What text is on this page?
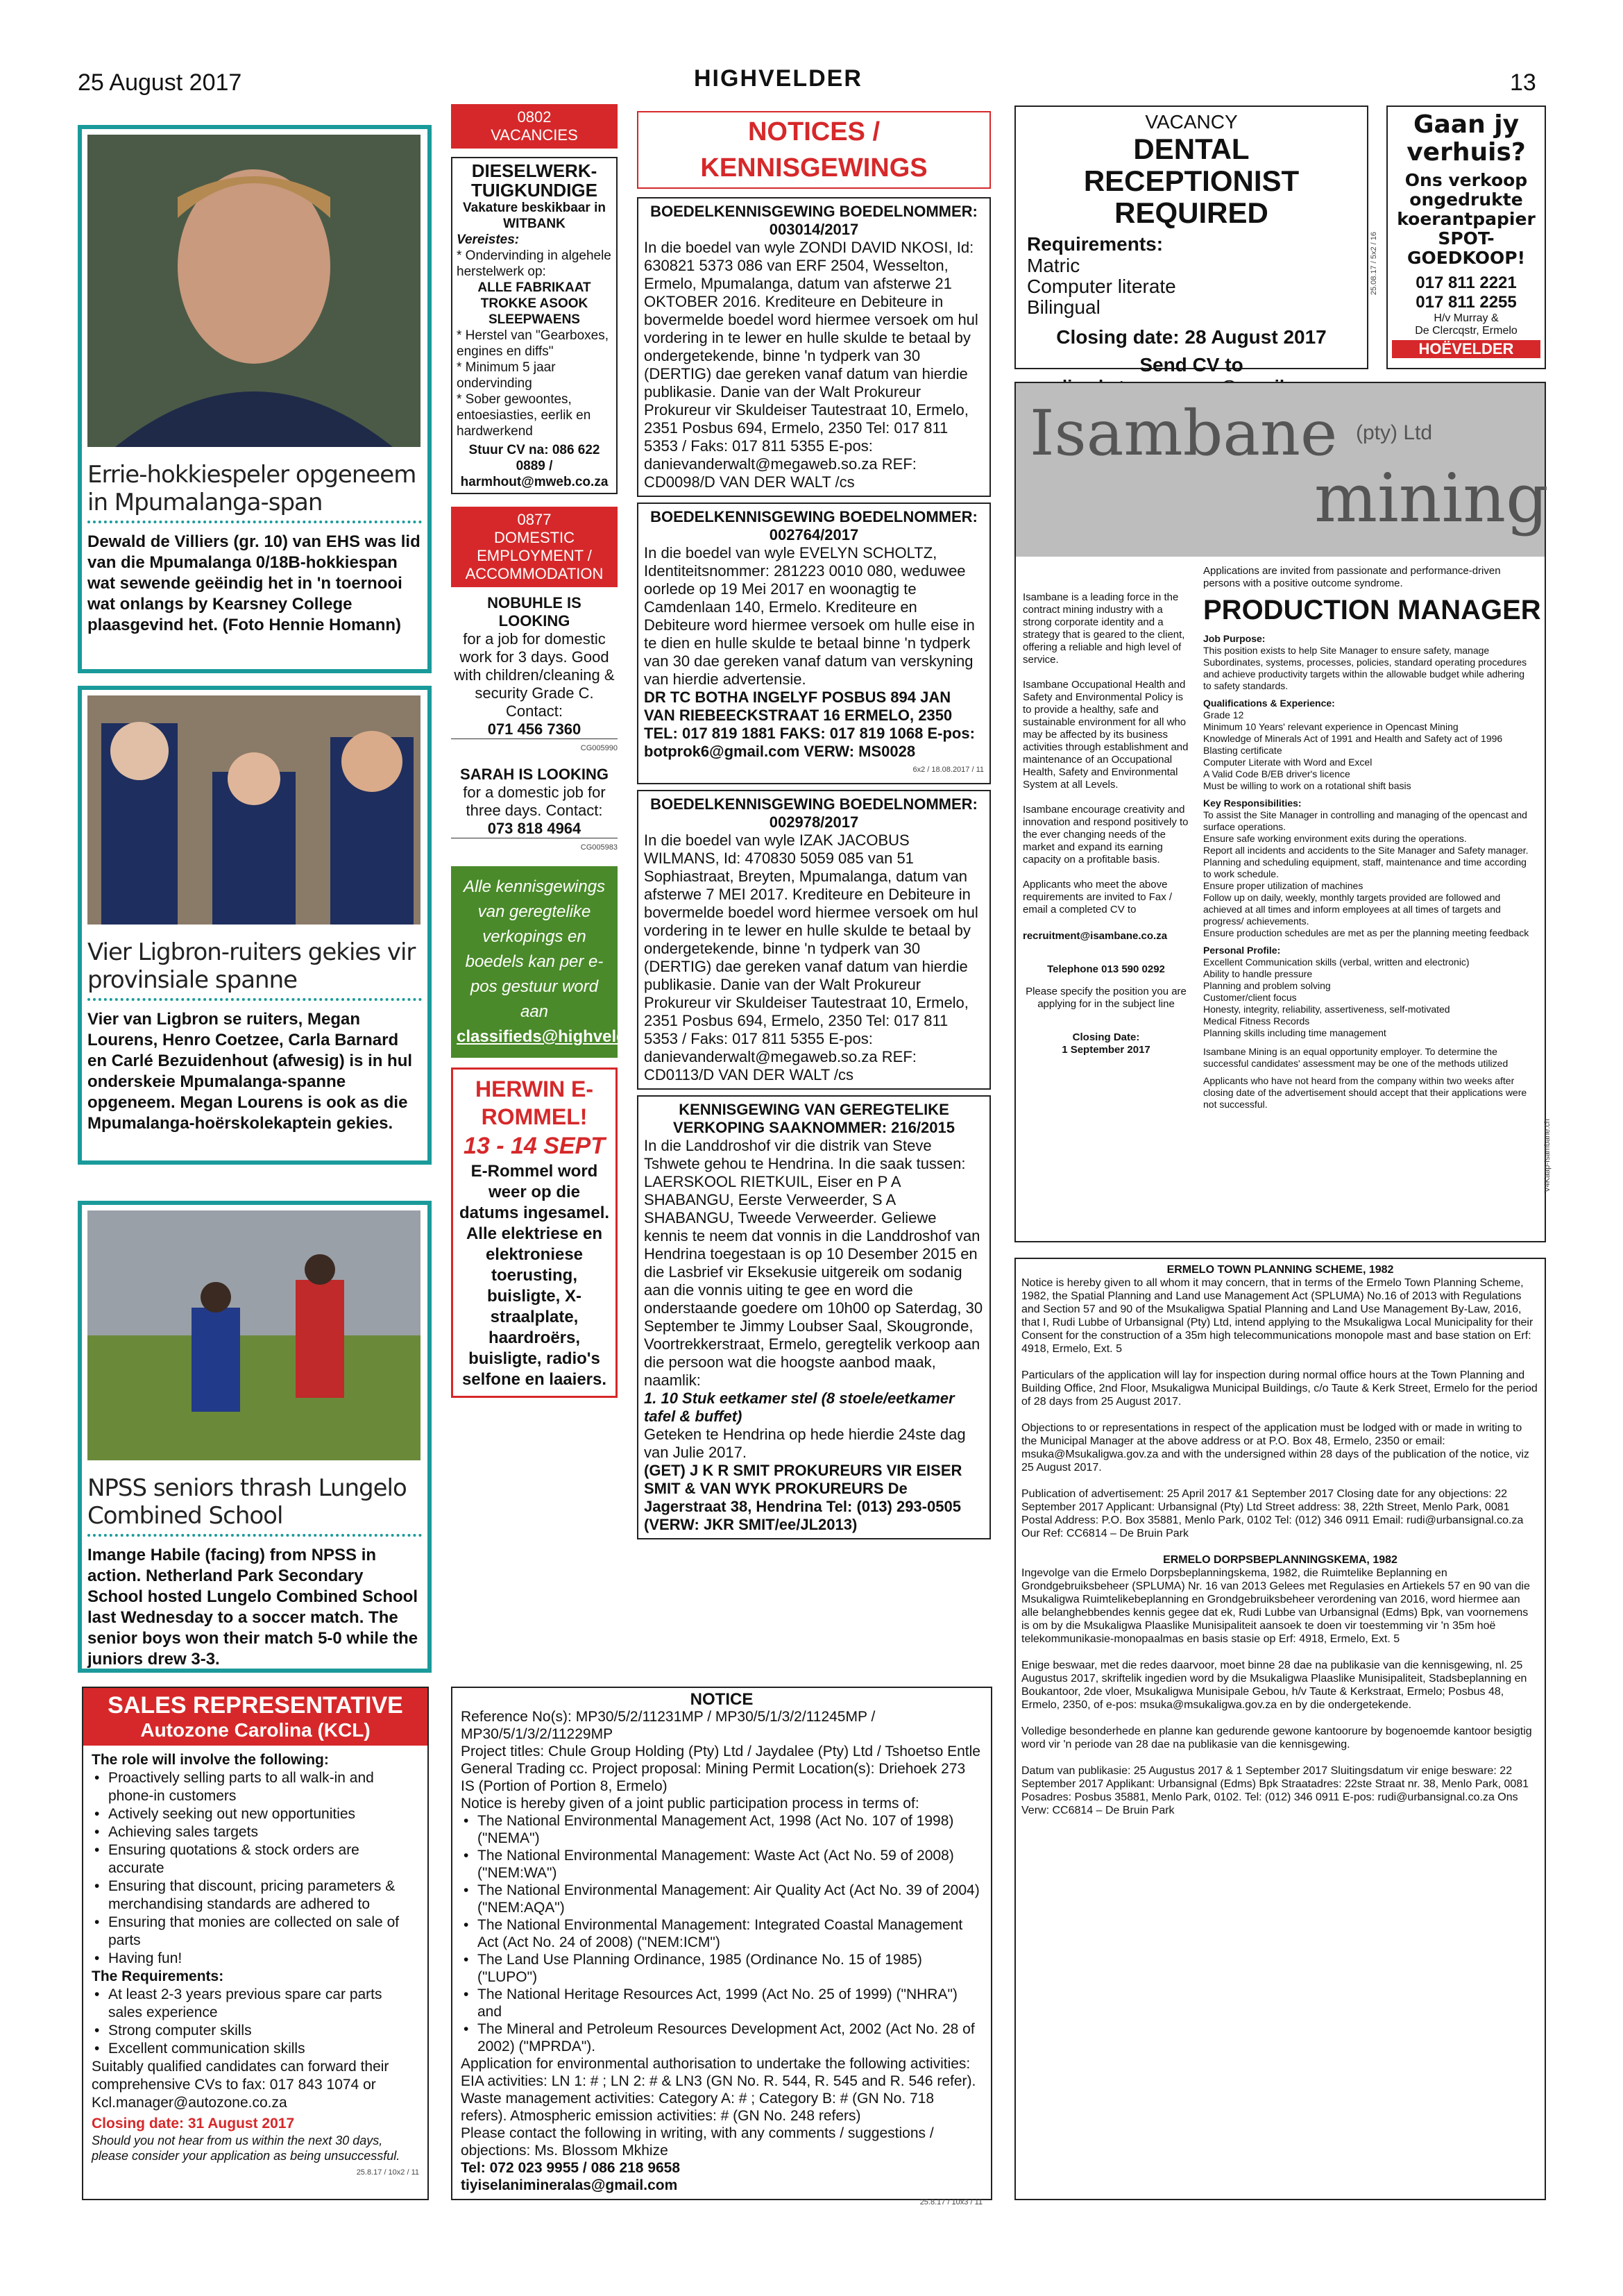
25 August 2017	HIGHVELDER	13
Errie-hokkiespeler opgeneem in Mpumalanga-span
Dewald de Villiers (gr. 10) van EHS was lid van die Mpumalanga 0/18B-hokkiespan wat sewende geëindig het in 'n toernooi wat onlangs by Kearsney College plaasgevind het. (Foto Hennie Homann)
Vier Ligbron-ruiters gekies vir provinsiale spanne
Vier van Ligbron se ruiters, Megan Lourens, Henro Coetzee, Carla Barnard en Carlé Bezuidenhout (afwesig) is in hul onderskeie Mpumalanga-spanne opgeneem. Megan Lourens is ook as die Mpumalanga-hoërskolekaptein gekies.
NPSS seniors thrash Lungelo Combined School
Imange Habile (facing) from NPSS in action. Netherland Park Secondary School hosted Lungelo Combined School last Wednesday to a soccer match. The senior boys won their match 5-0 while the juniors drew 3-3.
SALES REPRESENTATIVE
Autozone Carolina (KCL)
The role will involve the following:
• Proactively selling parts to all walk-in and phone-in customers
• Actively seeking out new opportunities
• Achieving sales targets
• Ensuring quotations & stock orders are accurate
• Ensuring that discount, pricing parameters & merchandising standards are adhered to
• Ensuring that monies are collected on sale of parts
• Having fun!
The Requirements:
• At least 2-3 years previous spare car parts sales experience
• Strong computer skills
• Excellent communication skills
Suitably qualified candidates can forward their comprehensive CVs to fax: 017 843 1074 or Kcl.manager@autozone.co.za
Closing date: 31 August 2017
Should you not hear from us within the next 30 days, please consider your application as being unsuccessful.
25.8.17 / 10x2 / 11
0802
VACANCIES
DIESELWERK-TUIGKUNDIGE
Vakature beskikbaar in WITBANK
Vereistes:
* Ondervinding in algehele herstelwerk op:
ALLE FABRIKAAT TROKKE ASOOK SLEEPWAENS
* Herstel van "Gearboxes, engines en diffs"
* Minimum 5 jaar ondervinding
* Sober gewoontes, entoesiasties, eerlik en hardwerkend
Stuur CV na: 086 622 0889 / harmhout@mweb.co.za
0877
DOMESTIC EMPLOYMENT / ACCOMMODATION
NOBUHLE IS LOOKING
for a job for domestic work for 3 days. Good with children/cleaning & security Grade C. Contact:
071 456 7360
CG005990
SARAH IS LOOKING
for a domestic job for three days. Contact:
073 818 4964
CG005983
Alle kennisgewings van geregtelike verkopings en boedels kan per e-pos gestuur word aan
classifieds@highvelder.co.za
HERWIN E-ROMMEL!
13 - 14 SEPT
E-Rommel word weer op die datums ingesamel. Alle elektriese en elektroniese toerusting, buisligte, X-straalplate, haardroërs, buisligte, radio's selfone en laaiers.
NOTICES / KENNISGEWINGS
BOEDELKENNISGEWING BOEDELNOMMER: 003014/2017
In die boedel van wyle ZONDI DAVID NKOSI, Id: 630821 5373 086 van ERF 2504, Wesselton, Ermelo, Mpumalanga, datum van afsterwe 21 OKTOBER 2016. Krediteure en Debiteure in bovermelde boedel word hiermee versoek om hul vordering in te lewer en hulle skulde te betaal by ondergetekende, binne 'n tydperk van 30 (DERTIG) dae gereken vanaf datum van hierdie publikasie. Danie van der Walt Prokureur Prokureur vir Skuldeiser Tautestraat 10, Ermelo, 2351 Posbus 694, Ermelo, 2350 Tel: 017 811 5353 / Faks: 017 811 5355 E-pos: danievanderwalt@megaweb.so.za REF: CD0098/D VAN DER WALT /cs
BOEDELKENNISGEWING BOEDELNOMMER: 002764/2017
In die boedel van wyle EVELYN SCHOLTZ, Identiteitsnommer: 281223 0010 080, weduwee oorlede op 19 Mei 2017 en woonagtig te Camdenlaan 140, Ermelo. Krediteure en Debiteure word hiermee versoek om hulle eise in te dien en hulle skulde te betaal binne 'n tydperk van 30 dae gereken vanaf datum van verskyning van hierdie advertensie.
DR TC BOTHA INGELYF POSBUS 894 JAN VAN RIEBEECKSTRAAT 16 ERMELO, 2350 TEL: 017 819 1881 FAKS: 017 819 1068 E-pos: botprok6@gmail.com VERW: MS0028
6x2 / 18.08.2017 / 11
BOEDELKENNISGEWING BOEDELNOMMER: 002978/2017
In die boedel van wyle IZAK JACOBUS WILMANS, Id: 470830 5059 085 van 51 Sophiastraat, Breyten, Mpumalanga, datum van afsterwe 7 MEI 2017. Krediteure en Debiteure in bovermelde boedel word hiermee versoek om hul vordering in te lewer en hulle skulde te betaal by ondergetekende, binne 'n tydperk van 30 (DERTIG) dae gereken vanaf datum van hierdie publikasie. Danie van der Walt Prokureur Prokureur vir Skuldeiser Tautestraat 10, Ermelo, 2351 Posbus 694, Ermelo, 2350 Tel: 017 811 5353 / Faks: 017 811 5355 E-pos: danievanderwalt@megaweb.so.za REF: CD0113/D VAN DER WALT /cs
KENNISGEWING VAN GEREGTELIKE VERKOPING SAAKNOMMER: 216/2015
In die Landdroshof vir die distrik van Steve Tshwete gehou te Hendrina. In die saak tussen: LAERSKOOL RIETKUIL, Eiser en P A SHABANGU, Eerste Verweerder, S A SHABANGU, Tweede Verweerder. Geliewe kennis te neem dat vonnis in die Landdroshof van Hendrina toegestaan is op 10 Desember 2015 en die Lasbrief vir Eksekusie uitgereik om sodanig aan die vonnis uiting te gee en word die onderstaande goedere om 10h00 op Saterdag, 30 September te Jimmy Loubser Saal, Skougronde, Voortrekkerstraat, Ermelo, geregtelik verkoop aan die persoon wat die hoogste aanbod maak, naamlik:
1. 10 Stuk eetkamer stel (8 stoele/eetkamer tafel & buffet)
Geteken te Hendrina op hede hierdie 24ste dag van Julie 2017.
(GET) J K R SMIT PROKUREURS VIR EISER SMIT & VAN WYK PROKUREURS De Jagerstraat 38, Hendrina Tel: (013) 293-0505 (VERW: JKR SMIT/ee/JL2013)
NOTICE
Reference No(s): MP30/5/2/11231MP / MP30/5/1/3/2/11245MP / MP30/5/1/3/2/11229MP
Project titles: Chule Group Holding (Pty) Ltd / Jaydalee (Pty) Ltd / Tshoetso Entle General Trading cc. Project proposal: Mining Permit Location(s): Driehoek 273 IS (Portion of Portion 8, Ermelo)
Notice is hereby given of a joint public participation process in terms of:
• The National Environmental Management Act, 1998 (Act No. 107 of 1998) ("NEMA")
• The National Environmental Management: Waste Act (Act No. 59 of 2008) ("NEM:WA")
• The National Environmental Management: Air Quality Act (Act No. 39 of 2004) ("NEM:AQA")
• The National Environmental Management: Integrated Coastal Management Act (Act No. 24 of 2008) ("NEM:ICM")
• The Land Use Planning Ordinance, 1985 (Ordinance No. 15 of 1985) ("LUPO")
• The National Heritage Resources Act, 1999 (Act No. 25 of 1999) ("NHRA") and
• The Mineral and Petroleum Resources Development Act, 2002 (Act No. 28 of 2002) ("MPRDA").
Application for environmental authorisation to undertake the following activities: EIA activities: LN 1: # ; LN 2: # & LN3 (GN No. R. 544, R. 545 and R. 546 refer). Waste management activities: Category A: # ; Category B: # (GN No. 718 refers). Atmospheric emission activities: # (GN No. 248 refers)
Please contact the following in writing, with any comments / suggestions / objections: Ms. Blossom Mkhize
Tel: 072 023 9955 / 086 218 9658
tiyiselanimineralas@gmail.com
25.8.17 / 10x3 / 11
VACANCY
DENTAL RECEPTIONIST REQUIRED
Requirements:
Matric
Computer literate
Bilingual
Closing date: 28 August 2017
Send CV to
25.08.17 / 5x2 / 16
Gaan jy verhuis?
Ons verkoop ongedrukte koerantpapier SPOT-GOEDKOOP!
017 811 2221
017 811 2255
H/v Murray &
De Clercqstr, Ermelo
HOËVELDER
Isambane (pty) Ltd
mining
Applications are invited from passionate and performance-driven persons with a positive outcome syndrome.
PRODUCTION MANAGER

Isambane is a leading force in the contract mining industry with a strong corporate identity and a strategy that is geared to the client, offering a reliable and high level of service.

Isambane Occupational Health and Safety and Environmental Policy is to provide a healthy, safe and sustainable environment for all who may be affected by its business activities through establishment and maintenance of an Occupational Health, Safety and Environmental System at all Levels.

Isambane encourage creativity and innovation and respond positively to the ever changing needs of the market and expand its earning capacity on a profitable basis.

Applicants who meet the above requirements are invited to Fax / email a completed CV to

recruitment@isambane.co.za

Telephone 013 590 0292

Please specify the position you are applying for in the subject line

Closing Date:

1 September 2017

Job Purpose:

This position exists to help Site Manager to ensure safety, manage Subordinates, systems, processes, policies, standard operating procedures and achieve productivity targets within the allowable budget while adhering to safety standards.

Qualifications & Experience:

Grade 12

Minimum 10 Years' relevant experience in Opencast Mining

Knowledge of Minerals Act of 1991 and Health and Safety act of 1996

Blasting certificate

Computer Literate with Word and Excel

A Valid Code B/EB driver's licence

Must be willing to work on a rotational shift basis

Key Responsibilities:

To assist the Site Manager in controlling and managing of the opencast and surface operations.

Ensure safe working environment exits during the operations.

Report all incidents and accidents to the Site Manager and Safety manager.

Planning and scheduling equipment, staff, maintenance and time according to work schedule.

Ensure proper utilization of machines

Follow up on daily, weekly, monthly targets provided are followed and achieved at all times and inform employees at all times of targets and progress/ achievements.

Ensure production schedules are met as per the planning meeting feedback

Personal Profile:

Excellent Communication skills (verbal, written and electronic)

Ability to handle pressure

Planning and problem solving

Customer/client focus

Honesty, integrity, reliability, assertiveness, self-motivated

Medical Fitness Records

Planning skills including time management

Isambane Mining is an equal opportunity employer. To determine the successful candidates' assessment may be one of the methods utilized

Applicants who have not heard from the company within two weeks after closing date of the advertisement should accept that their applications were not successful.

V4Kaap-Isambane.ch
ERMELO TOWN PLANNING SCHEME, 1982

Notice is hereby given to all whom it may concern, that in terms of the Ermelo Town Planning Scheme, 1982, the Spatial Planning and Land use Management Act (SPLUMA) No.16 of 2013 with Regulations and Section 57 and 90 of the Msukaligwa Spatial Planning and Land Use Management By-Law, 2016, that I, Rudi Lubbe of Urbansignal (Pty) Ltd, intend applying to the Msukaligwa Local Municipality for their Consent for the construction of a 35m high telecommunications monopole mast and base station on Erf: 4918, Ermelo, Ext. 5

Particulars of the application will lay for inspection during normal office hours at the Town Planning and Building Office, 2nd Floor, Msukaligwa Municipal Buildings, c/o Taute & Kerk Street, Ermelo for the period of 28 days from 25 August 2017.

Objections to or representations in respect of the application must be lodged with or made in writing to the Municipal Manager at the above address or at P.O. Box 48, Ermelo, 2350 or email: msuka@Msukaligwa.gov.za and with the undersigned within 28 days of the publication of the notice, viz 25 August 2017.

Publication of advertisement: 25 April 2017 &1 September 2017 Closing date for any objections: 22 September 2017 Applicant: Urbansignal (Pty) Ltd Street address: 38, 22th Street, Menlo Park, 0081 Postal Address: P.O. Box 35881, Menlo Park, 0102 Tel: (012) 346 0911 Email: rudi@urbansignal.co.za Our Ref: CC6814 – De Bruin Park

ERMELO DORPSBEPLANNINGSKEMA, 1982

Ingevolge van die Ermelo Dorpsbeplanningskema, 1982, die Ruimtelike Beplanning en Grondgebruiksbeheer (SPLUMA) Nr. 16 van 2013 Gelees met Regulasies en Artiekels 57 en 90 van die Msukaligwa Ruimtelikebeplanning en Grondgebruiksbeheer verordening van 2016, word hiermee aan alle belanghebbendes kennis gegee dat ek, Rudi Lubbe van Urbansignal (Edms) Bpk, van voornemens is om by die Msukaligwa Plaaslike Munisipaliteit aansoek te doen vir toestemming vir 'n 35m hoë telekommunikasie-monopaalmas en basis stasie op Erf: 4918, Ermelo, Ext. 5

Enige beswaar, met die redes daarvoor, moet binne 28 dae na publikasie van die kennisgewing, nl. 25 Augustus 2017, skriftelik ingedien word by die Msukaligwa Plaaslike Munisipaliteit, Stadsbeplanning en Boukantoor, 2de vloer, Msukaligwa Munisipale Gebou, h/v Taute & Kerkstraat, Ermelo; Posbus 48, Ermelo, 2350, of e-pos: msuka@msukaligwa.gov.za en by die ondergetekende.

Volledige besonderhede en planne kan gedurende gewone kantoorure by bogenoemde kantoor besigtig word vir 'n periode van 28 dae na publikasie van die kennisgewing.

Datum van publikasie: 25 Augustus 2017 & 1 September 2017 Sluitingsdatum vir enige besware: 22 September 2017 Applikant: Urbansignal (Edms) Bpk Straatadres: 22ste Straat nr. 38, Menlo Park, 0081 Posadres: Posbus 35881, Menlo Park, 0102. Tel: (012) 346 0911 E-pos: rudi@urbansignal.co.za Ons Verw: CC6814 – De Bruin Park
